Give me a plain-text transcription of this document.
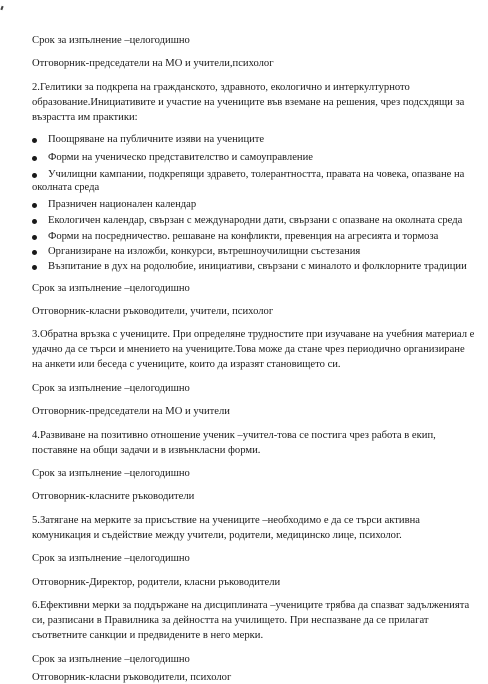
Срок за изпълнение –целогодишно
Отговорник-председатели на МО и учители,психолог
2.Гелитики за подкрепа на гражданското, здравното, екологично и интеркултурното
образование.Инициативите и участие на учениците във вземане на решения, чрез подсхдящи за
възрастта им практики:
Поощряване на публичните изяви на учениците
Форми на ученическо представителство и самоуправление
Училищни кампании, подкрепящи здравето, толерантността, правата на човека, опазване на
околната среда
Празничен национален календар
Екологичен календар, свързан с международни дати, свързани с опазване на околната среда
Форми на посредничество. решаване на конфликти, превенция на агресията и тормоза
Организиране на изложби, конкурси, вътрешноучилищни състезания
Възпитание в дух на родолюбие, инициативи, свързани с миналото и фолклорните традиции
Срок за изпълнение –целогодишно
Отговорник-класни ръководители, учители, психолог
3.Обратна връзка с учениците. При определяне трудностите при изучаване на учебния материал е
удачно да се търси и мнението на учениците.Това може да стане чрез периодично организиране
на анкети или беседа с учениците, които да изразят становището си.
Срок за изпълнение –целогодишно
Отговорник-председатели на МО и учители
4.Развиване на позитивно отношение ученик –учител-това се постига чрез работа в екип,
поставяне на общи задачи и в извънкласни форми.
Срок за изпълнение –целогодишно
Отговорник-класните ръководители
5.Затягане на мерките за присъствие на учениците –необходимо е да се търси активна
комуникация и съдействие между учители, родители, медицинско лице, психолог.
Срок за изпълнение –целогодишно
Отговорник-Директор, родители, класни ръководители
6.Ефективни мерки за поддържане на дисциплината –учениците трябва да спазват задълженията
си, разписани в Правилника за дейността на училището. При неспазване да се прилагат
съответните санкции и предвидените в него мерки.
Срок за изпълнение –целогодишно
Отговорник-класни ръководители, психолог
